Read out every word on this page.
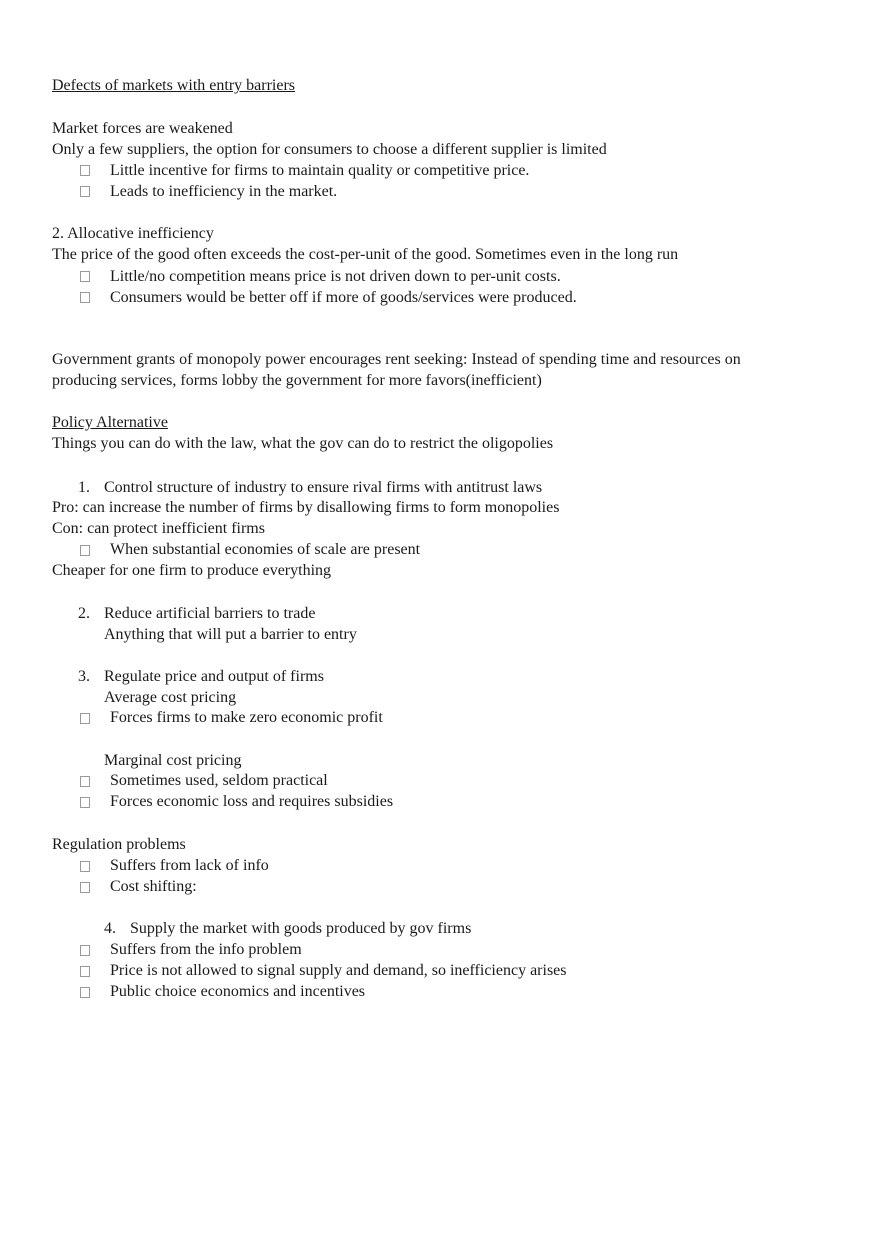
Defects of markets with entry barriers
Market forces are weakened
Only a few suppliers, the option for consumers to choose a different supplier is limited
Little incentive for firms to maintain quality or competitive price.
Leads to inefficiency in the market.
2. Allocative inefficiency
The price of the good often exceeds the cost-per-unit of the good. Sometimes even in the long run
Little/no competition means price is not driven down to per-unit costs.
Consumers would be better off if more of goods/services were produced.
Government grants of monopoly power encourages rent seeking: Instead of spending time and resources on
producing services, forms lobby the government for more favors(inefficient)
Policy Alternative
Things you can do with the law, what the gov can do to restrict the oligopolies
1. Control structure of industry to ensure rival firms with antitrust laws
Pro: can increase the number of firms by disallowing firms to form monopolies
Con: can protect inefficient firms
When substantial economies of scale are present
Cheaper for one firm to produce everything
2. Reduce artificial barriers to trade
Anything that will put a barrier to entry
3. Regulate price and output of firms
Average cost pricing
Forces firms to make zero economic profit
Marginal cost pricing
Sometimes used, seldom practical
Forces economic loss and requires subsidies
Regulation problems
Suffers from lack of info
Cost shifting:
4. Supply the market with goods produced by gov firms
Suffers from the info problem
Price is not allowed to signal supply and demand, so inefficiency arises
Public choice economics and incentives
